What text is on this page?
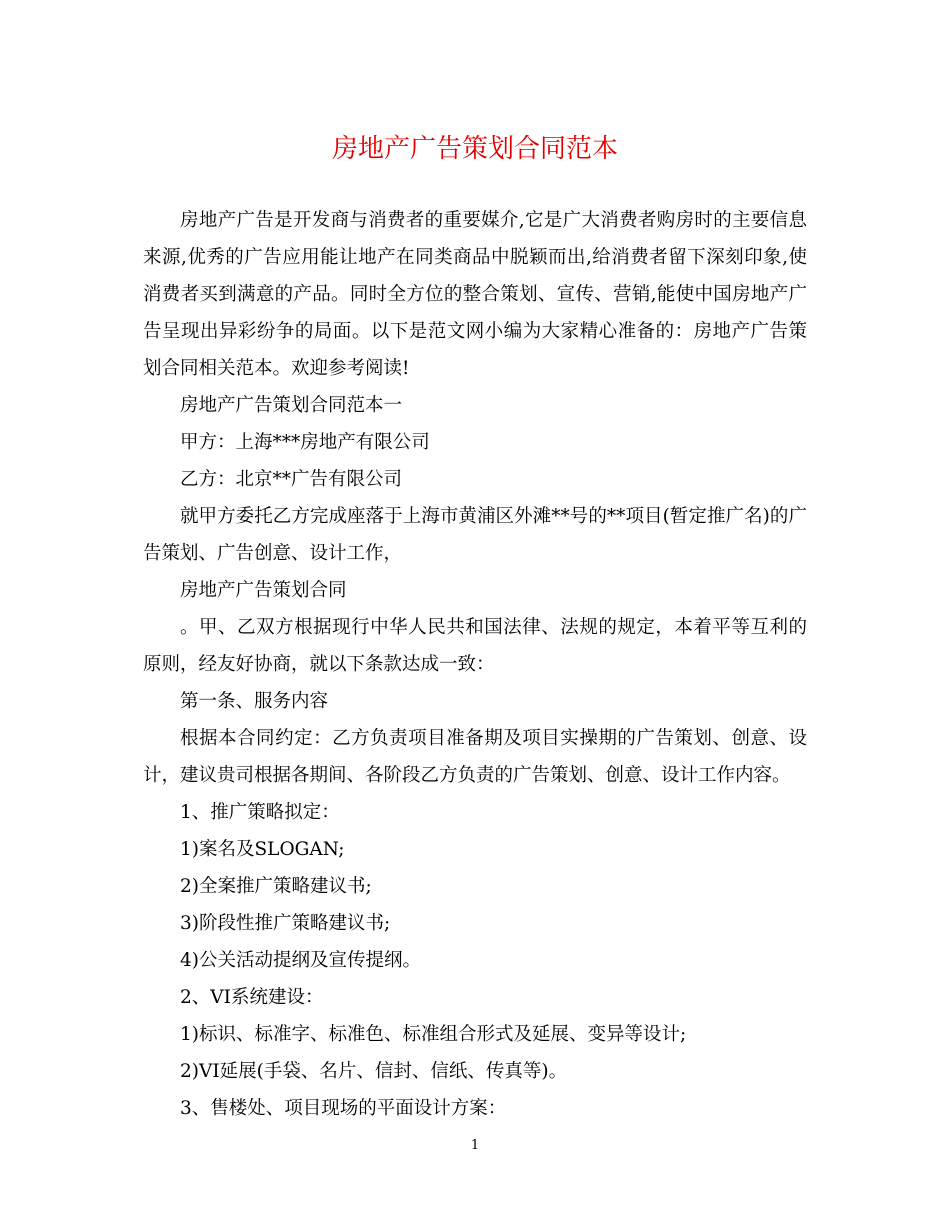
房地产广告策划合同范本

房地产广告是开发商与消费者的重要媒介,它是广大消费者购房时的主要信息来源,优秀的广告应用能让地产在同类商品中脱颖而出,给消费者留下深刻印象,使消费者买到满意的产品。同时全方位的整合策划、宣传、营销,能使中国房地产广告呈现出异彩纷争的局面。以下是范文网小编为大家精心准备的：房地产广告策划合同相关范本。欢迎参考阅读!

房地产广告策划合同范本一

甲方：上海***房地产有限公司

乙方：北京**广告有限公司

就甲方委托乙方完成座落于上海市黄浦区外滩**号的**项目(暂定推广名)的广告策划、广告创意、设计工作，

房地产广告策划合同

。甲、乙双方根据现行中华人民共和国法律、法规的规定，本着平等互利的原则，经友好协商，就以下条款达成一致：

第一条、服务内容

根据本合同约定：乙方负责项目准备期及项目实操期的广告策划、创意、设计，建议贵司根据各期间、各阶段乙方负责的广告策划、创意、设计工作内容。

1、推广策略拟定：

1)案名及SLOGAN;

2)全案推广策略建议书;

3)阶段性推广策略建议书;

4)公关活动提纲及宣传提纲。

2、VI系统建设：

1)标识、标准字、标准色、标准组合形式及延展、变异等设计;

2)VI延展(手袋、名片、信封、信纸、传真等)。

3、售楼处、项目现场的平面设计方案：

1
